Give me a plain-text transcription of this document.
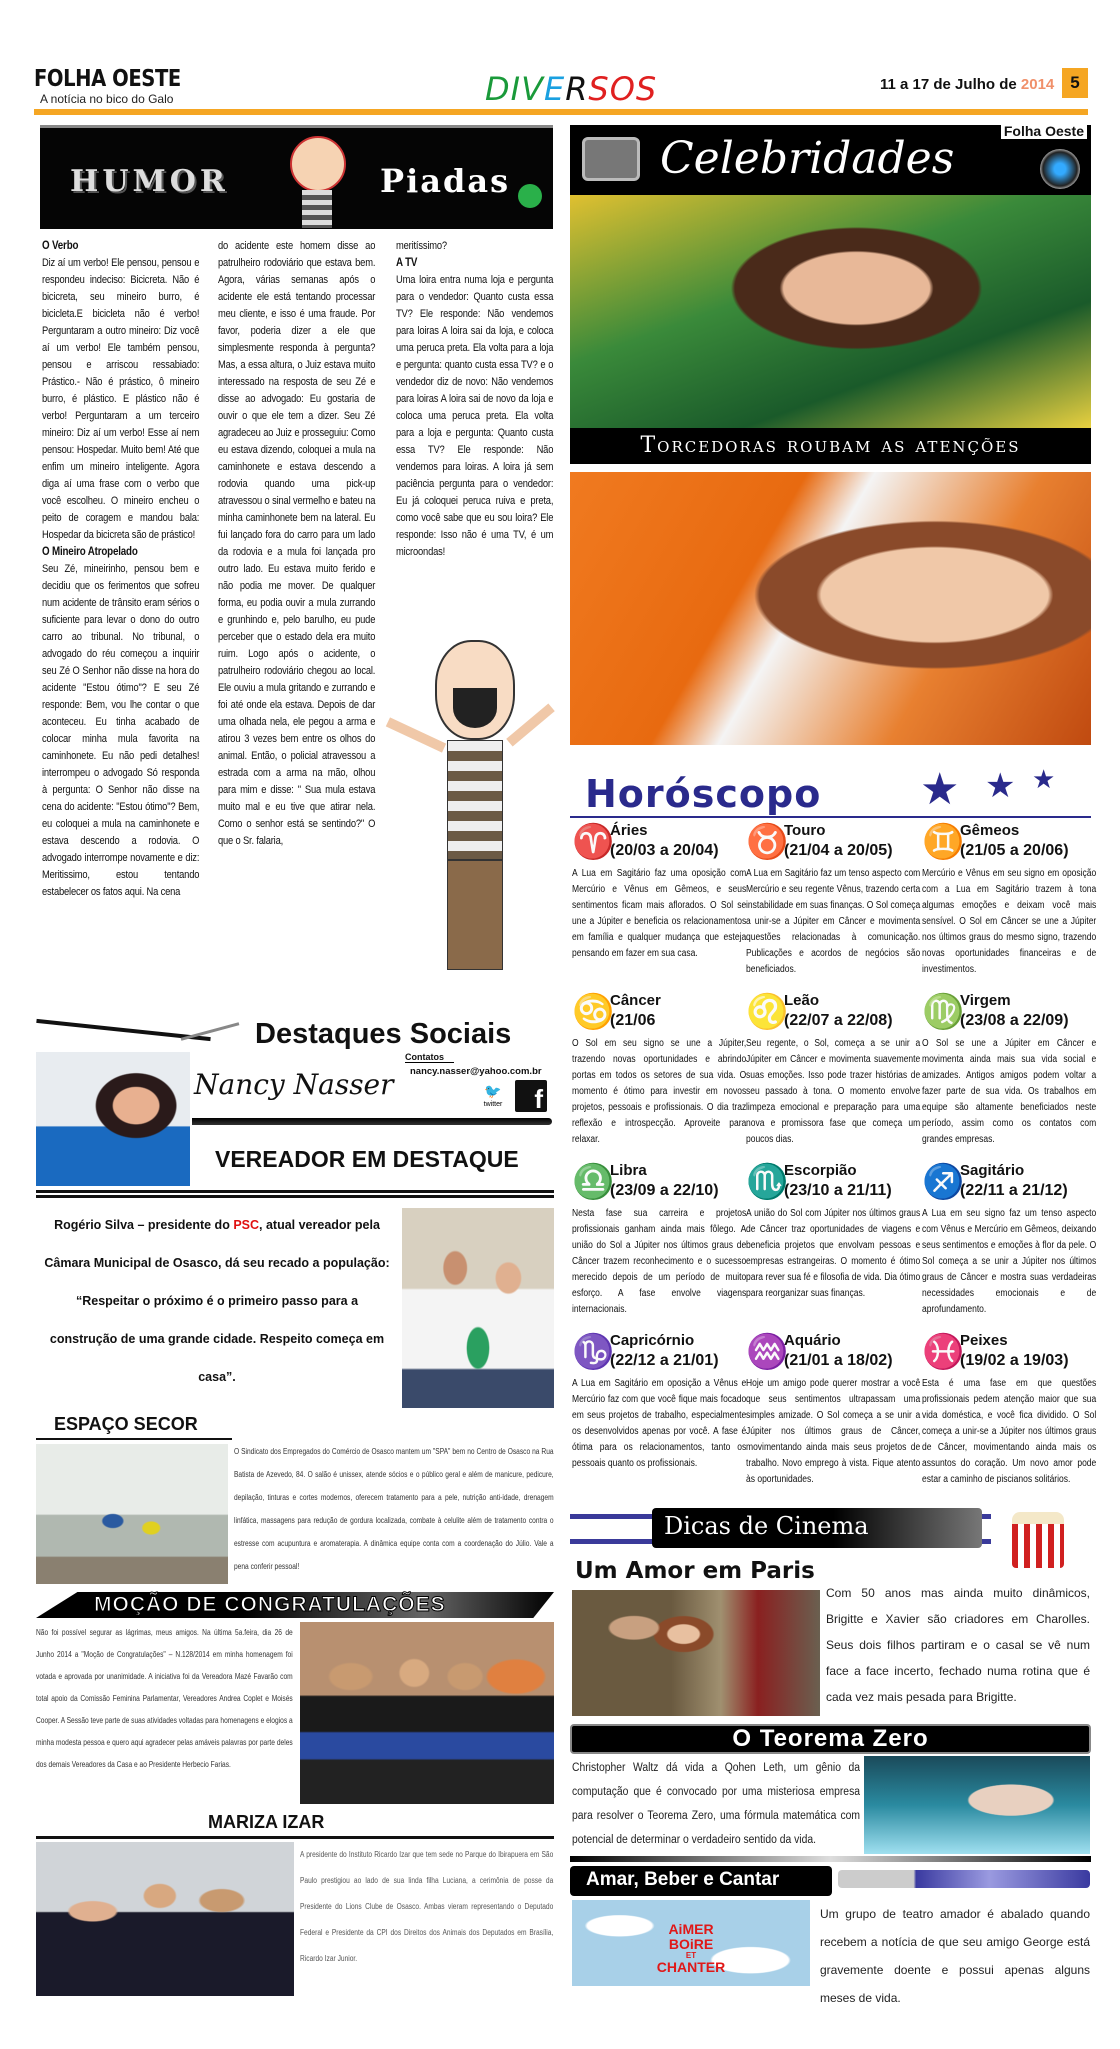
FOLHA OESTE
A notícia no bico do Galo	DIVERSOS	11 a 17 de Julho de 2014 5
HUMOR	Piadas
O Verbo

Diz aí um verbo! Ele pensou, pensou e respondeu indeciso: Bicicreta. Não é bicicreta, seu mineiro burro, é bicicleta.E bicicleta não é verbo! Perguntaram a outro mineiro: Diz você aí um verbo! Ele também pensou, pensou e arriscou ressabiado: Prástico.- Não é prástico, ô mineiro burro, é plástico. E plástico não é verbo! Perguntaram a um terceiro mineiro: Diz aí um verbo! Esse aí nem pensou: Hospedar. Muito bem! Até que enfim um mineiro inteligente. Agora diga aí uma frase com o verbo que você escolheu. O mineiro encheu o peito de coragem e mandou bala: Hospedar da bicicreta são de prástico!

O Mineiro Atropelado

Seu Zé, mineirinho, pensou bem e decidiu que os ferimentos que sofreu num acidente de trânsito eram sérios o suficiente para levar o dono do outro carro ao tribunal. No tribunal, o advogado do réu começou a inquirir seu Zé O Senhor não disse na hora do acidente "Estou ótimo"? E seu Zé responde: Bem, vou lhe contar o que aconteceu. Eu tinha acabado de colocar minha mula favorita na caminhonete. Eu não pedi detalhes! interrompeu o advogado Só responda à pergunta: O Senhor não disse na cena do acidente: "Estou ótimo"? Bem, eu coloquei a mula na caminhonete e estava descendo a rodovia. O advogado interrompe novamente e diz: Meritissimo, estou tentando estabelecer os fatos aqui. Na cena

do acidente este homem disse ao patrulheiro rodoviário que estava bem. Agora, várias semanas após o acidente ele está tentando processar meu cliente, e isso é uma fraude. Por favor, poderia dizer a ele que simplesmente responda à pergunta? Mas, a essa altura, o Juiz estava muito interessado na resposta de seu Zé e disse ao advogado: Eu gostaria de ouvir o que ele tem a dizer. Seu Zé agradeceu ao Juiz e prosseguiu: Como eu estava dizendo, coloquei a mula na caminhonete e estava descendo a rodovia quando uma pick-up atravessou o sinal vermelho e bateu na minha caminhonete bem na lateral. Eu fui lançado fora do carro para um lado da rodovia e a mula foi lançada pro outro lado. Eu estava muito ferido e não podia me mover. De qualquer forma, eu podia ouvir a mula zurrando e grunhindo e, pelo barulho, eu pude perceber que o estado dela era muito ruim. Logo após o acidente, o patrulheiro rodoviário chegou ao local. Ele ouviu a mula gritando e zurrando e foi até onde ela estava. Depois de dar uma olhada nela, ele pegou a arma e atirou 3 vezes bem entre os olhos do animal. Então, o policial atravessou a estrada com a arma na mão, olhou para mim e disse: " Sua mula estava muito mal e eu tive que atirar nela. Como o senhor está se sentindo?" O que o Sr. falaria,

meritíssimo?

A TV

Uma loira entra numa loja e pergunta para o vendedor: Quanto custa essa TV? Ele responde: Não vendemos para loiras A loira sai da loja, e coloca uma peruca preta. Ela volta para a loja e pergunta: quanto custa essa TV? e o vendedor diz de novo: Não vendemos para loiras A loira sai de novo da loja e coloca uma peruca preta. Ela volta para a loja e pergunta: Quanto custa essa TV? Ele responde: Não vendemos para loiras. A loira já sem paciência pergunta para o vendedor: Eu já coloquei peruca ruiva e preta, como você sabe que eu sou loira? Ele responde: Isso não é uma TV, é um microondas!

Celebridades
Folha Oeste
Torcedoras roubam as atenções
Horóscopo ★ ★ ★
♈
Áries
(20/03 a 20/04)
A Lua em Sagitário faz uma oposição com Mercúrio e Vênus em Gêmeos, e seus sentimentos ficam mais aflorados. O Sol se une a Júpiter e beneficia os relacionamentos em família e qualquer mudança que esteja pensando em fazer em sua casa.
♉
Touro
(21/04 a 20/05)
A Lua em Sagitário faz um tenso aspecto com Mercúrio e seu regente Vênus, trazendo certa instabilidade em suas finanças. O Sol começa a unir-se a Júpiter em Câncer e movimenta questões relacionadas à comunicação. Publicações e acordos de negócios são beneficiados.
♊
Gêmeos
(21/05 a 20/06)
Mercúrio e Vênus em seu signo em oposição com a Lua em Sagitário trazem à tona algumas emoções e deixam você mais sensível. O Sol em Câncer se une a Júpiter nos últimos graus do mesmo signo, trazendo novas oportunidades financeiras e de investimentos.
♋
Câncer
(21/06
O Sol em seu signo se une a Júpiter, trazendo novas oportunidades e abrindo portas em todos os setores de sua vida. O momento é ótimo para investir em novos projetos, pessoais e profissionais. O dia traz reflexão e introspecção. Aproveite para relaxar.
♌
Leão
(22/07 a 22/08)
Seu regente, o Sol, começa a se unir a Júpiter em Câncer e movimenta suavemente suas emoções. Isso pode trazer histórias de seu passado à tona. O momento envolve limpeza emocional e preparação para uma nova e promissora fase que começa um poucos dias.
♍
Virgem
(23/08 a 22/09)
O Sol se une a Júpiter em Câncer e movimenta ainda mais sua vida social e amizades. Antigos amigos podem voltar a fazer parte de sua vida. Os trabalhos em equipe são altamente beneficiados neste período, assim como os contatos com grandes empresas.
♎
Libra
(23/09 a 22/10)
Nesta fase sua carreira e projetos profissionais ganham ainda mais fôlego. A união do Sol a Júpiter nos últimos graus de Câncer trazem reconhecimento e o sucesso merecido depois de um período de muito esforço. A fase envolve viagens internacionais.
♏
Escorpião
(23/10 a 21/11)
A união do Sol com Júpiter nos últimos graus de Câncer traz oportunidades de viagens e beneficia projetos que envolvam pessoas e empresas estrangeiras. O momento é ótimo para rever sua fé e filosofia de vida. Dia ótimo para reorganizar suas finanças.
♐
Sagitário
(22/11 a 21/12)
A Lua em seu signo faz um tenso aspecto com Vênus e Mercúrio em Gêmeos, deixando seus sentimentos e emoções à flor da pele. O Sol começa a se unir a Júpiter nos últimos graus de Câncer e mostra suas verdadeiras necessidades emocionais e de aprofundamento.
♑
Capricórnio
(22/12 a 21/01)
A Lua em Sagitário em oposição a Vênus e Mercúrio faz com que você fique mais focado em seus projetos de trabalho, especialmente os desenvolvidos apenas por você. A fase é ótima para os relacionamentos, tanto os pessoais quanto os profissionais.
♒
Aquário
(21/01 a 18/02)
Hoje um amigo pode querer mostrar a você que seus sentimentos ultrapassam uma simples amizade. O Sol começa a se unir a Júpiter nos últimos graus de Câncer, movimentando ainda mais seus projetos de trabalho. Novo emprego à vista. Fique atento às oportunidades.
♓
Peixes
(19/02 a 19/03)
Esta é uma fase em que questões profissionais pedem atenção maior que sua vida doméstica, e você fica dividido. O Sol começa a unir-se a Júpiter nos últimos graus de Câncer, movimentando ainda mais os assuntos do coração. Um novo amor pode estar a caminho de piscianos solitários.
Destaques Sociais
Nancy Nasser
Contatos
nancy.nasser@yahoo.com.br
🐦
twitter	f
VEREADOR EM DESTAQUE
Rogério Silva – presidente do PSC, atual vereador pela Câmara Municipal de Osasco, dá seu recado a população: “Respeitar o próximo é o primeiro passo para a construção de uma grande cidade. Respeito começa em casa”.
ESPAÇO SECOR
O Sindicato dos Empregados do Comércio de Osasco mantem um "SPA" bem no Centro de Osasco na Rua Batista de Azevedo, 84. O salão é unissex, atende sócios e o público geral e além de manicure, pedicure, depilação, tinturas e cortes modernos, oferecem tratamento para a pele, nutrição anti-idade, drenagem linfática, massagens para redução de gordura localizada, combate à celulite além de tratamento contra o estresse com acupuntura e aromaterapia. A dinâmica equipe conta com a coordenação do Júlio. Vale a pena conferir pessoal!
MOÇÃO DE CONGRATULAÇÕES
Não foi possível segurar as lágrimas, meus amigos. Na última 5a.feira, dia 26 de Junho 2014 a "Moção de Congratulações" – N.128/2014 em minha homenagem foi votada e aprovada por unanimidade. A iniciativa foi da Vereadora Mazé Favarão com total apoio da Comissão Feminina Parlamentar, Vereadores Andrea Coplet e Moisés Cooper. A Sessão teve parte de suas atividades voltadas para homenagens e elogios a minha modesta pessoa e quero aqui agradecer pelas amáveis palavras por parte deles dos demais Vereadores da Casa e ao Presidente Herbecio Farias.
MARIZA IZAR
A presidente do Instituto Ricardo Izar que tem sede no Parque do Ibirapuera em São Paulo prestigiou ao lado de sua linda filha Luciana, a cerimônia de posse da Presidente do Lions Clube de Osasco. Ambas vieram representando o Deputado Federal e Presidente da CPI dos Direitos dos Animais dos Deputados em Brasília, Ricardo Izar Junior.
Dicas de Cinema
Um Amor em Paris
Com 50 anos mas ainda muito dinâmicos, Brigitte e Xavier são criadores em Charolles. Seus dois filhos partiram e o casal se vê num face a face incerto, fechado numa rotina que é cada vez mais pesada para Brigitte.
O Teorema Zero
Christopher Waltz dá vida a Qohen Leth, um gênio da computação que é convocado por uma misteriosa empresa para resolver o Teorema Zero, uma fórmula matemática com potencial de determinar o verdadeiro sentido da vida.
Amar, Beber e Cantar
AiMER
BOiRE
ET
CHANTER
Um grupo de teatro amador é abalado quando recebem a notícia de que seu amigo George está gravemente doente e possui apenas alguns meses de vida.
